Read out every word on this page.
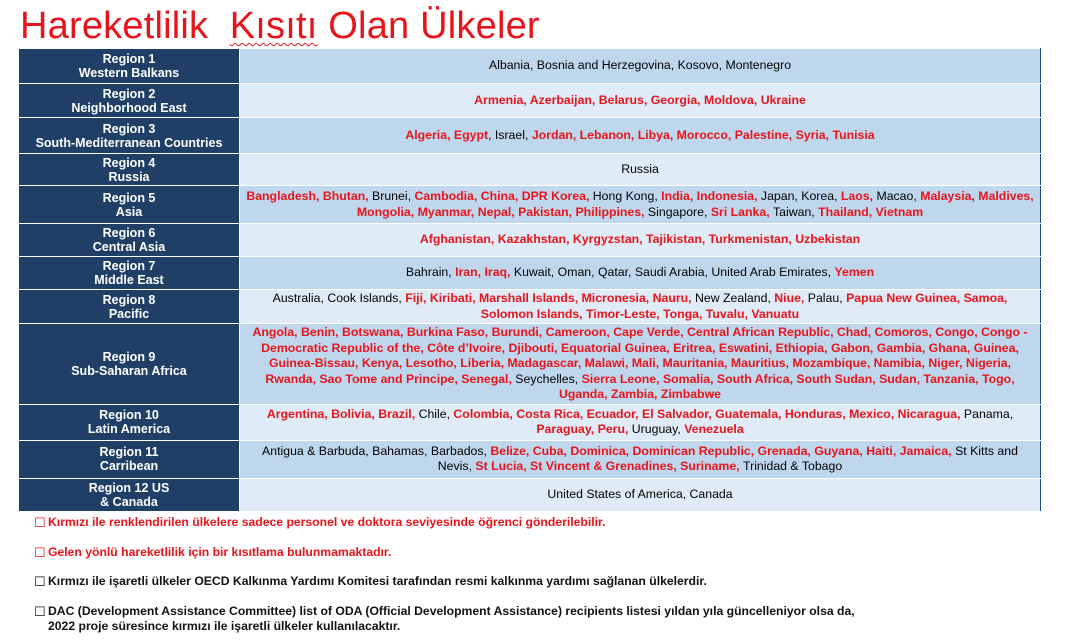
Hareketlilik Kısıtı Olan Ülkeler
Region 1
Western Balkans	Albania, Bosnia and Herzegovina, Kosovo, Montenegro
Region 2
Neighborhood East	Armenia, Azerbaijan, Belarus, Georgia, Moldova, Ukraine
Region 3
South-Mediterranean Countries	Algeria, Egypt, Israel, Jordan, Lebanon, Libya, Morocco, Palestine, Syria, Tunisia
Region 4
Russia	Russia
Region 5
Asia	Bangladesh, Bhutan, Brunei, Cambodia, China, DPR Korea, Hong Kong, India, Indonesia, Japan, Korea, Laos, Macao, Malaysia, Maldives, Mongolia, Myanmar, Nepal, Pakistan, Philippines, Singapore, Sri Lanka, Taiwan, Thailand, Vietnam
Region 6
Central Asia	Afghanistan, Kazakhstan, Kyrgyzstan, Tajikistan, Turkmenistan, Uzbekistan
Region 7
Middle East	Bahrain, Iran, Iraq, Kuwait, Oman, Qatar, Saudi Arabia, United Arab Emirates, Yemen
Region 8
Pacific	Australia, Cook Islands, Fiji, Kiribati, Marshall Islands, Micronesia, Nauru, New Zealand, Niue, Palau, Papua New Guinea, Samoa, Solomon Islands, Timor-Leste, Tonga, Tuvalu, Vanuatu
Region 9
Sub-Saharan Africa	Angola, Benin, Botswana, Burkina Faso, Burundi, Cameroon, Cape Verde, Central African Republic, Chad, Comoros, Congo, Congo - Democratic Republic of the, Côte d’Ivoire, Djibouti, Equatorial Guinea, Eritrea, Eswatini, Ethiopia, Gabon, Gambia, Ghana, Guinea, Guinea-Bissau, Kenya, Lesotho, Liberia, Madagascar, Malawi, Mali, Mauritania, Mauritius, Mozambique, Namibia, Niger, Nigeria, Rwanda, Sao Tome and Principe, Senegal, Seychelles, Sierra Leone, Somalia, South Africa, South Sudan, Sudan, Tanzania, Togo, Uganda, Zambia, Zimbabwe
Region 10
Latin America	Argentina, Bolivia, Brazil, Chile, Colombia, Costa Rica, Ecuador, El Salvador, Guatemala, Honduras, Mexico, Nicaragua, Panama, Paraguay, Peru, Uruguay, Venezuela
Region 11
Carribean	Antigua & Barbuda, Bahamas, Barbados, Belize, Cuba, Dominica, Dominican Republic, Grenada, Guyana, Haiti, Jamaica, St Kitts and Nevis, St Lucia, St Vincent & Grenadines, Suriname, Trinidad & Tobago
Region 12 US
& Canada	United States of America, Canada
☐ Kırmızı ile renklendirilen ülkelere sadece personel ve doktora seviyesinde öğrenci gönderilebilir.
☐ Gelen yönlü hareketlilik için bir kısıtlama bulunmamaktadır.
☐ Kırmızı ile işaretli ülkeler OECD Kalkınma Yardımı Komitesi tarafından resmi kalkınma yardımı sağlanan ülkelerdir.
☐ DAC (Development Assistance Committee) list of ODA (Official Development Assistance) recipients listesi yıldan yıla güncelleniyor olsa da,
2022 proje süresince kırmızı ile işaretli ülkeler kullanılacaktır.
